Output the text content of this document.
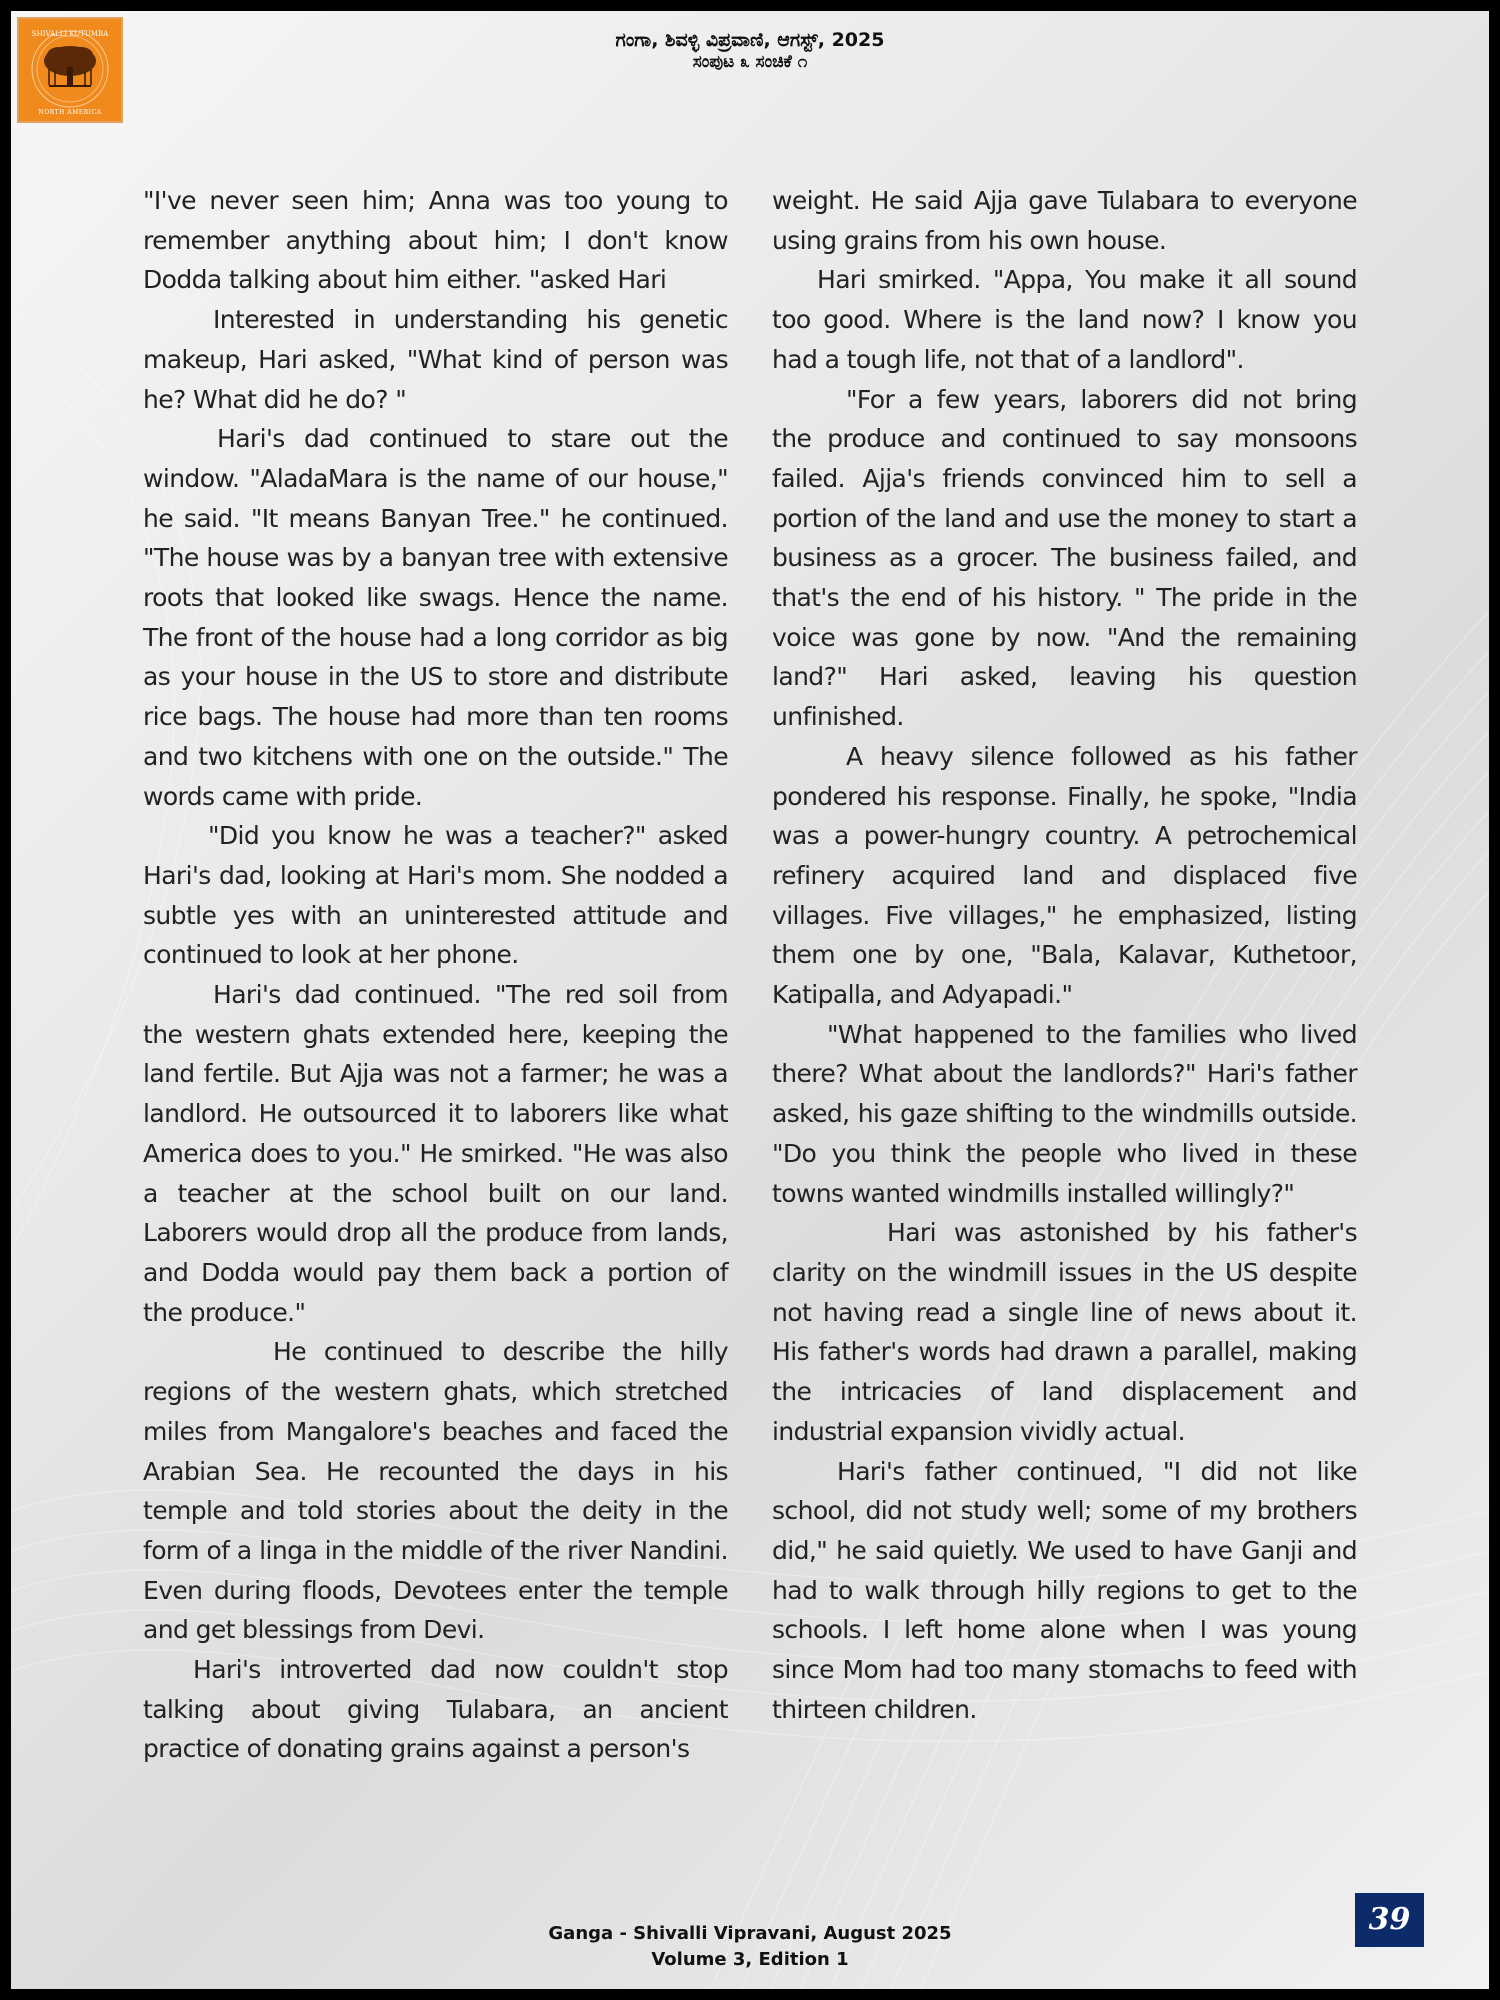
SHIVALLI KUTUMBA
NORTH AMERICA
ಗಂಗಾ, ಶಿವಳ್ಳಿ ವಿಪ್ರವಾಣಿ, ಆಗಸ್ಟ್, 2025
ಸಂಪುಟ ೩ ಸಂಚಿಕೆ ೧

"I've never seen him; Anna was too young to remember anything about him; I don't know Dodda talking about him either. "asked Hari

Interested in understanding his genetic makeup, Hari asked, "What kind of person was he? What did he do? "

Hari's dad continued to stare out the window. "AladaMara is the name of our house," he said. "It means Banyan Tree." he continued. "The house was by a banyan tree with extensive roots that looked like swags. Hence the name. The front of the house had a long corridor as big as your house in the US to store and distribute rice bags. The house had more than ten rooms and two kitchens with one on the outside." The words came with pride.

"Did you know he was a teacher?" asked Hari's dad, looking at Hari's mom. She nodded a subtle yes with an uninterested attitude and continued to look at her phone.

Hari's dad continued. "The red soil from the western ghats extended here, keeping the land fertile. But Ajja was not a farmer; he was a landlord. He outsourced it to laborers like what America does to you." He smirked. "He was also a teacher at the school built on our land. Laborers would drop all the produce from lands, and Dodda would pay them back a portion of the produce."

He continued to describe the hilly regions of the western ghats, which stretched miles from Mangalore's beaches and faced the Arabian Sea. He recounted the days in his temple and told stories about the deity in the form of a linga in the middle of the river Nandini. Even during floods, Devotees enter the temple and get blessings from Devi.

Hari's introverted dad now couldn't stop talking about giving Tulabara, an ancient practice of donating grains against a person's

weight. He said Ajja gave Tulabara to everyone using grains from his own house.

Hari smirked. "Appa, You make it all sound too good. Where is the land now? I know you had a tough life, not that of a landlord".

"For a few years, laborers did not bring the produce and continued to say monsoons failed. Ajja's friends convinced him to sell a portion of the land and use the money to start a business as a grocer. The business failed, and that's the end of his history. " The pride in the voice was gone by now. "And the remaining land?" Hari asked, leaving his question unfinished.

A heavy silence followed as his father pondered his response. Finally, he spoke, "India was a power-hungry country. A petrochemical refinery acquired land and displaced five villages. Five villages," he emphasized, listing them one by one, "Bala, Kalavar, Kuthetoor, Katipalla, and Adyapadi."

"What happened to the families who lived there? What about the landlords?" Hari's father asked, his gaze shifting to the windmills outside. "Do you think the people who lived in these towns wanted windmills installed willingly?"

Hari was astonished by his father's clarity on the windmill issues in the US despite not having read a single line of news about it. His father's words had drawn a parallel, making the intricacies of land displacement and industrial expansion vividly actual.

Hari's father continued, "I did not like school, did not study well; some of my brothers did," he said quietly. We used to have Ganji and had to walk through hilly regions to get to the schools. I left home alone when I was young since Mom had too many stomachs to feed with thirteen children.

Ganga - Shivalli Vipravani, August 2025
Volume 3, Edition 1
39
